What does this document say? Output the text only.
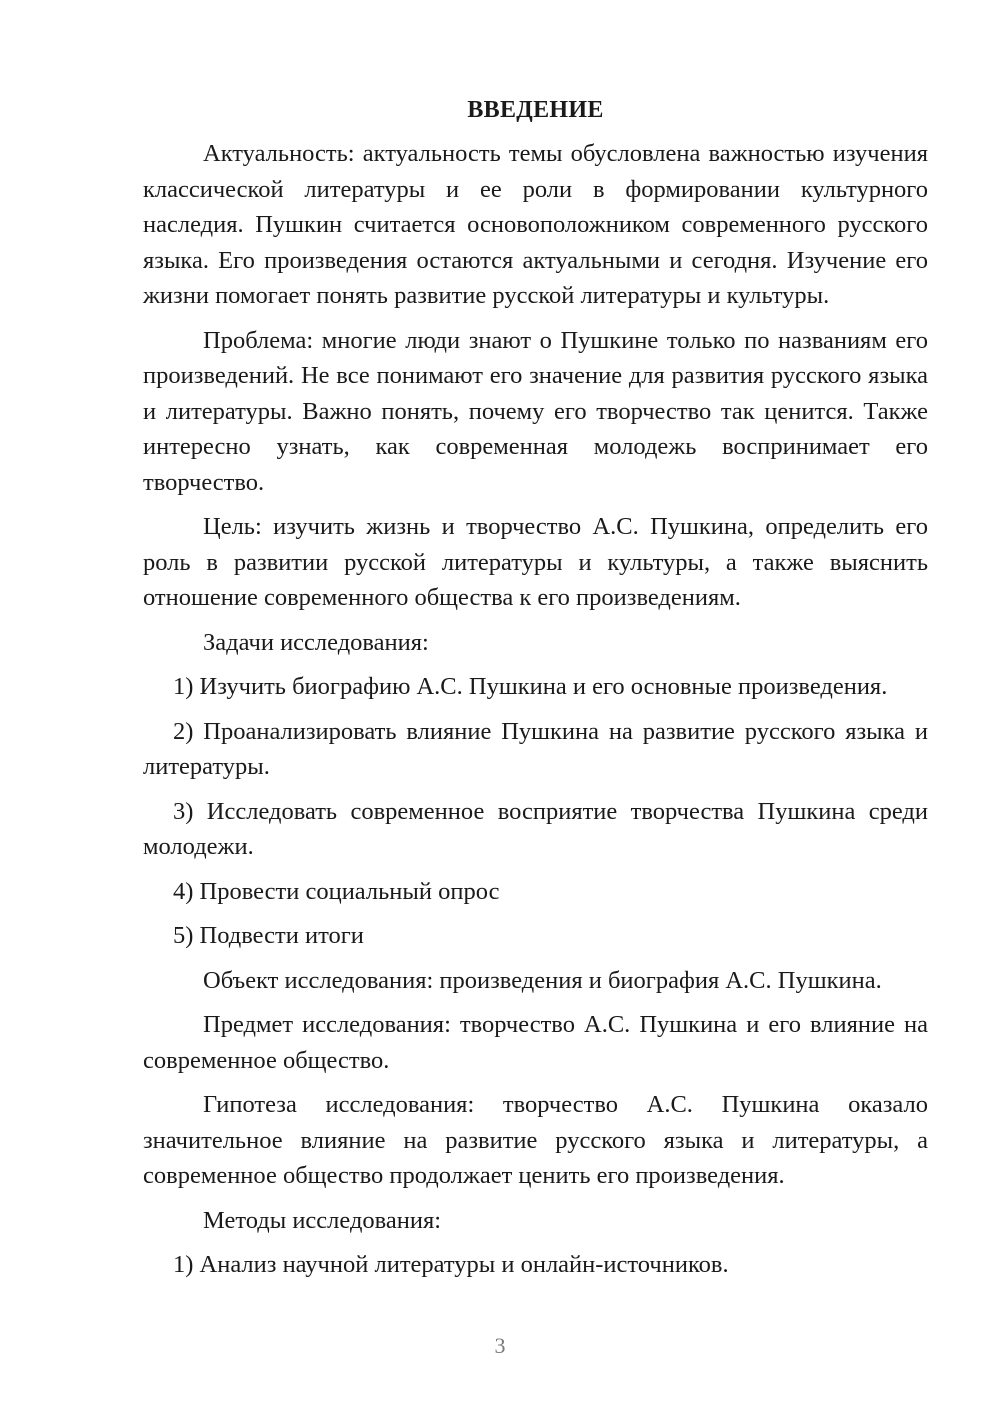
ВВЕДЕНИЕ

Актуальность: актуальность темы обусловлена важностью изучения классической литературы и ее роли в формировании культурного наследия. Пушкин считается основоположником современного русского языка. Его произведения остаются актуальными и сегодня. Изучение его жизни помогает понять развитие русской литературы и культуры.

Проблема: многие люди знают о Пушкине только по названиям его произведений. Не все понимают его значение для развития русского языка и литературы. Важно понять, почему его творчество так ценится. Также интересно узнать, как современная молодежь воспринимает его творчество.

Цель: изучить жизнь и творчество А.С. Пушкина, определить его роль в развитии русской литературы и культуры, а также выяснить отношение современного общества к его произведениям.

Задачи исследования:

1) Изучить биографию А.С. Пушкина и его основные произведения.

2) Проанализировать влияние Пушкина на развитие русского языка и литературы.

3) Исследовать современное восприятие творчества Пушкина среди молодежи.

4) Провести социальный опрос

5) Подвести итоги

Объект исследования: произведения и биография А.С. Пушкина.

Предмет исследования: творчество А.С. Пушкина и его влияние на современное общество.

Гипотеза исследования: творчество А.С. Пушкина оказало значительное влияние на развитие русского языка и литературы, а современное общество продолжает ценить его произведения.

Методы исследования:

1) Анализ научной литературы и онлайн-источников.

3
